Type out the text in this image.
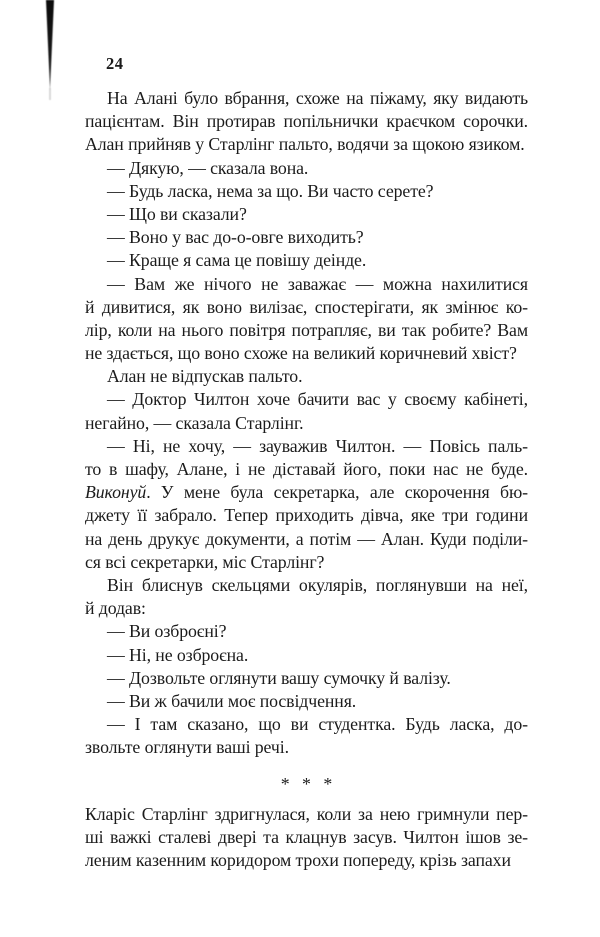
24
На Алані було вбрання, схоже на піжаму, яку видають
пацієнтам. Він протирав попільнички краєчком сорочки.
Алан прийняв у Старлінг пальто, водячи за щокою язиком.
— Дякую, — сказала вона.
— Будь ласка, нема за що. Ви часто серете?
— Що ви сказали?
— Воно у вас до-о-овге виходить?
— Краще я сама це повішу деінде.
— Вам же нічого не заважає — можна нахилитися
й дивитися, як воно вилізає, спостерігати, як змінює ко-
лір, коли на нього повітря потрапляє, ви так робите? Вам
не здається, що воно схоже на великий коричневий хвіст?
Алан не відпускав пальто.
— Доктор Чилтон хоче бачити вас у своєму кабінеті,
негайно, — сказала Старлінг.
— Ні, не хочу, — зауважив Чилтон. — Повісь паль-
то в шафу, Алане, і не діставай його, поки нас не буде.
Виконуй. У мене була секретарка, але скорочення бю-
джету її забрало. Тепер приходить дівча, яке три години
на день друкує документи, а потім — Алан. Куди поділи-
ся всі секретарки, міс Старлінг?
Він блиснув скельцями окулярів, поглянувши на неї,
й додав:
— Ви озброєні?
— Ні, не озброєна.
— Дозвольте оглянути вашу сумочку й валізу.
— Ви ж бачили моє посвідчення.
— І там сказано, що ви студентка. Будь ласка, до-
звольте оглянути ваші речі.
* * *
Кларіс Старлінг здригнулася, коли за нею гримнули пер-
ші важкі сталеві двері та клацнув засув. Чилтон ішов зе-
леним казенним коридором трохи попереду, крізь запахи
